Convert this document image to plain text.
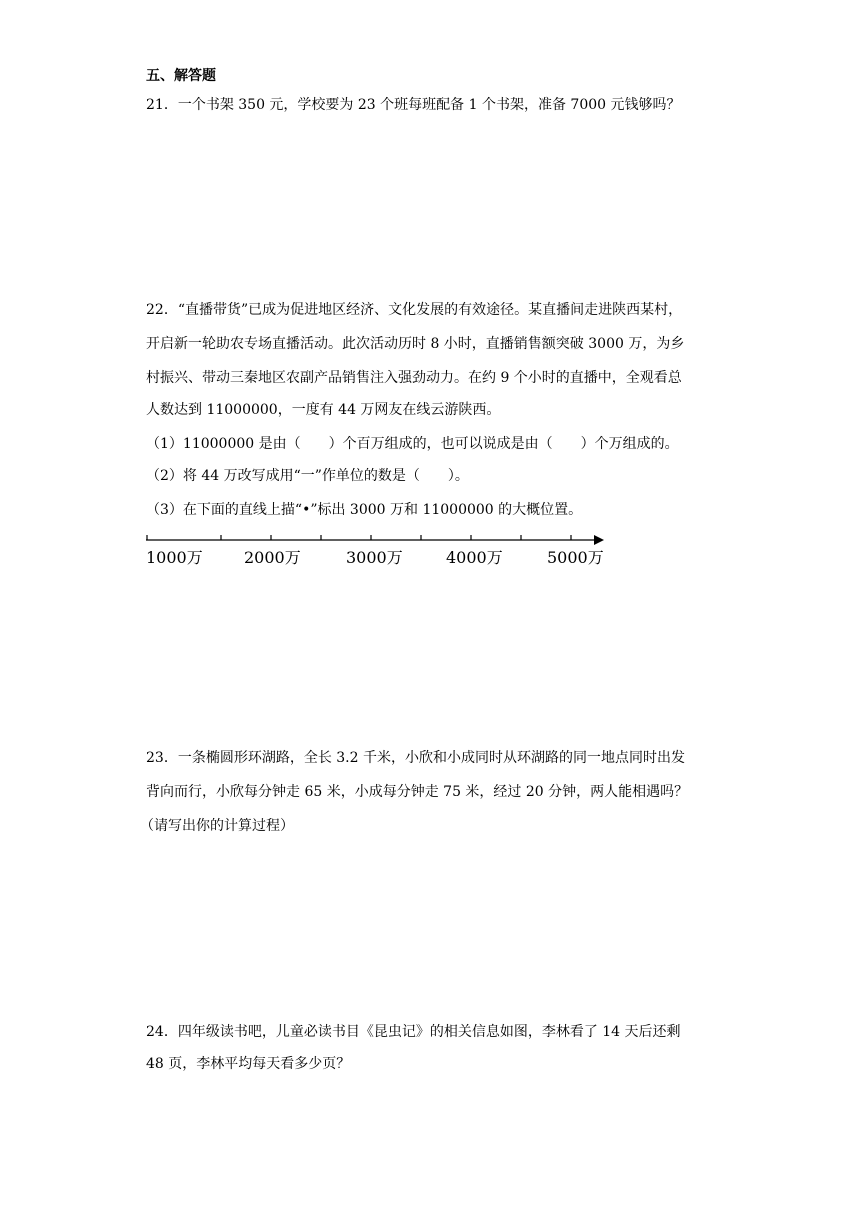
五、解答题
21．一个书架 350 元，学校要为 23 个班每班配备 1 个书架，准备 7000 元钱够吗？
22．“直播带货”已成为促进地区经济、文化发展的有效途径。某直播间走进陕西某村，
开启新一轮助农专场直播活动。此次活动历时 8 小时，直播销售额突破 3000 万，为乡
村振兴、带动三秦地区农副产品销售注入强劲动力。在约 9 个小时的直播中，全观看总
人数达到 11000000，一度有 44 万网友在线云游陕西。
（1）11000000 是由（　　）个百万组成的，也可以说成是由（　　）个万组成的。
（2）将 44 万改写成用“一”作单位的数是（　　）。
（3）在下面的直线上描“•”标出 3000 万和 11000000 的大概位置。
1000万	2000万	3000万	4000万	5000万
23．一条椭圆形环湖路，全长 3.2 千米，小欣和小成同时从环湖路的同一地点同时出发
背向而行，小欣每分钟走 65 米，小成每分钟走 75 米，经过 20 分钟，两人能相遇吗？
（请写出你的计算过程）
24．四年级读书吧，儿童必读书目《昆虫记》的相关信息如图，李林看了 14 天后还剩
48 页，李林平均每天看多少页？
